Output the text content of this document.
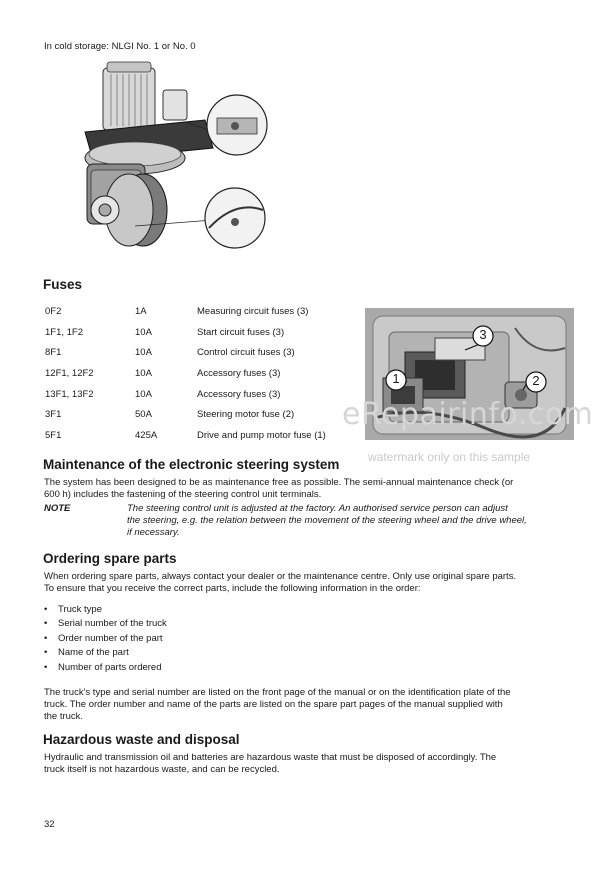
In cold storage: NLGI No. 1 or No. 0
Fuses
0F2	1A	Measuring circuit fuses (3)
1F1, 1F2	10A	Start circuit fuses (3)
8F1	10A	Control circuit fuses (3)
12F1, 12F2	10A	Accessory fuses (3)
13F1, 13F2	10A	Accessory fuses (3)
3F1	50A	Steering motor fuse (2)
5F1	425A	Drive and pump motor fuse (1)
3
1	2
eRepairinfo.com
watermark only on this sample
Maintenance of the electronic steering system
The system has been designed to be as maintenance free as possible. The semi-annual maintenance check (or
600 h) includes the fastening of the steering control unit terminals.
NOTE	The steering control unit is adjusted at the factory. An authorised service person can adjust
the steering, e.g. the relation between the movement of the steering wheel and the drive wheel,
if necessary.
Ordering spare parts
When ordering spare parts, always contact your dealer or the maintenance centre. Only use original spare parts.
To ensure that you receive the correct parts, include the following information in the order:
• Truck type
• Serial number of the truck
• Order number of the part
• Name of the part
• Number of parts ordered
The truck's type and serial number are listed on the front page of the manual or on the identification plate of the
truck. The order number and name of the parts are listed on the spare part pages of the manual supplied with
the truck.
Hazardous waste and disposal
Hydraulic and transmission oil and batteries are hazardous waste that must be disposed of accordingly. The
truck itself is not hazardous waste, and can be recycled.
32
